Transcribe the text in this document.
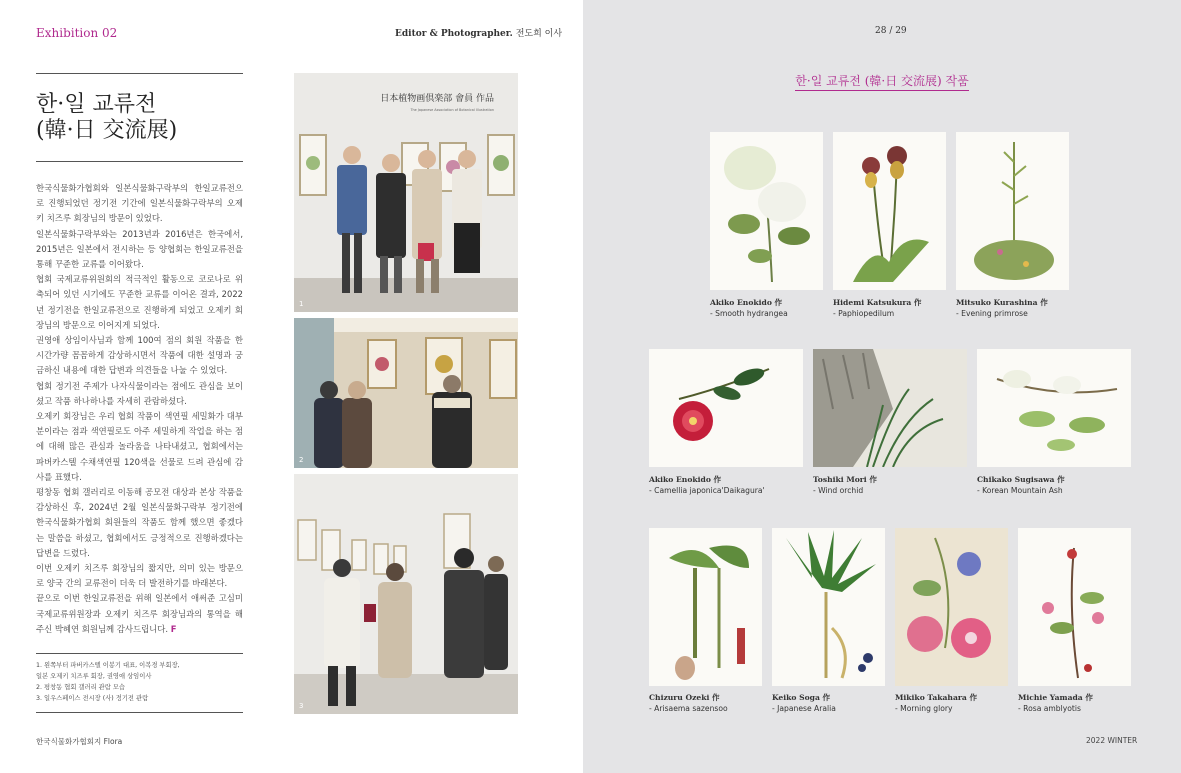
Exhibition 02	Editor & Photographer. 전도희 이사
한·일 교류전
(韓·日 交流展)

한국식물화가협회와 일본식물화구락부의 한일교류전으로 진행되었던 정기전 기간에 일본식물화구락부의 오제키 치즈루 회장님의 방문이 있었다.

일본식물화구락부와는 2013년과 2016년은 한국에서, 2015년은 일본에서 전시하는 등 양협회는 한일교류전을 통해 꾸준한 교류를 이어왔다.

협회 국제교류위원회의 적극적인 활동으로 코로나로 위축되어 있던 시기에도 꾸준한 교류를 이어온 결과, 2022년 정기전을 한일교류전으로 진행하게 되었고 오제키 회장님의 방문으로 이어지게 되었다.

권영애 상임이사님과 함께 100여 점의 회원 작품을 한 시간가량 꼼꼼하게 감상하시면서 작품에 대한 설명과 궁금하신 내용에 대한 답변과 의견들을 나눌 수 있었다.

협회 정기전 주제가 나자식물이라는 점에도 관심을 보이셨고 작품 하나하나를 자세히 관람하셨다.

오제키 회장님은 우리 협회 작품이 색연필 세밀화가 대부분이라는 점과 색연필로도 아주 세밀하게 작업을 하는 점에 대해 많은 관심과 놀라움을 나타내셨고, 협회에서는 파버카스텔 수채색연필 120색을 선물로 드려 관심에 감사를 표했다.

평창동 협회 갤러리로 이동해 공모전 대상과 본상 작품을 감상하신 후, 2024년 2월 일본식물화구락부 정기전에 한국식물화가협회 회원들의 작품도 함께 했으면 좋겠다는 말씀을 하셨고, 협회에서도 긍정적으로 진행하겠다는 답변을 드렸다.

이번 오제키 치즈루 회장님의 짧지만, 의미 있는 방문으로 양국 간의 교류전이 더욱 더 발전하기를 바래본다.

끝으로 이번 한일교류전을 위해 일본에서 애써준 고심미 국제교류위원장과 오제키 치즈루 회장님과의 통역을 해주신 박혜연 회원님께 감사드립니다. F

1. 왼쪽부터 파버카스텔 이봉기 대표, 이복경 부회장,
일본 오제키 치즈루 회장, 권영애 상임이사
2. 평창동 협회 갤러리 관람 모습
3. 일우스페이스 전시장 (사) 정기전 관람
한국식물화가협회지 Flora
日本植物画倶楽部 會員 作品
The Japanese Association of Botanical Illustration
1
2
3
28 / 29
한·일 교류전 (韓·日 交流展) 작품
Akiko Enokido 作
- Smooth hydrangea
Hidemi Katsukura 作
- Paphiopedilum
Mitsuko Kurashina 作
- Evening primrose
Akiko Enokido 作
- Camellia japonica'Daikagura'
Toshiki Mori 作
- Wind orchid
Chikako Sugisawa 作
- Korean Mountain Ash
Chizuru Ozeki 作
- Arisaema sazensoo
Keiko Soga 作
- Japanese Aralia
Mikiko Takahara 作
- Morning glory
Michie Yamada 作
- Rosa amblyotis
2022 WINTER
